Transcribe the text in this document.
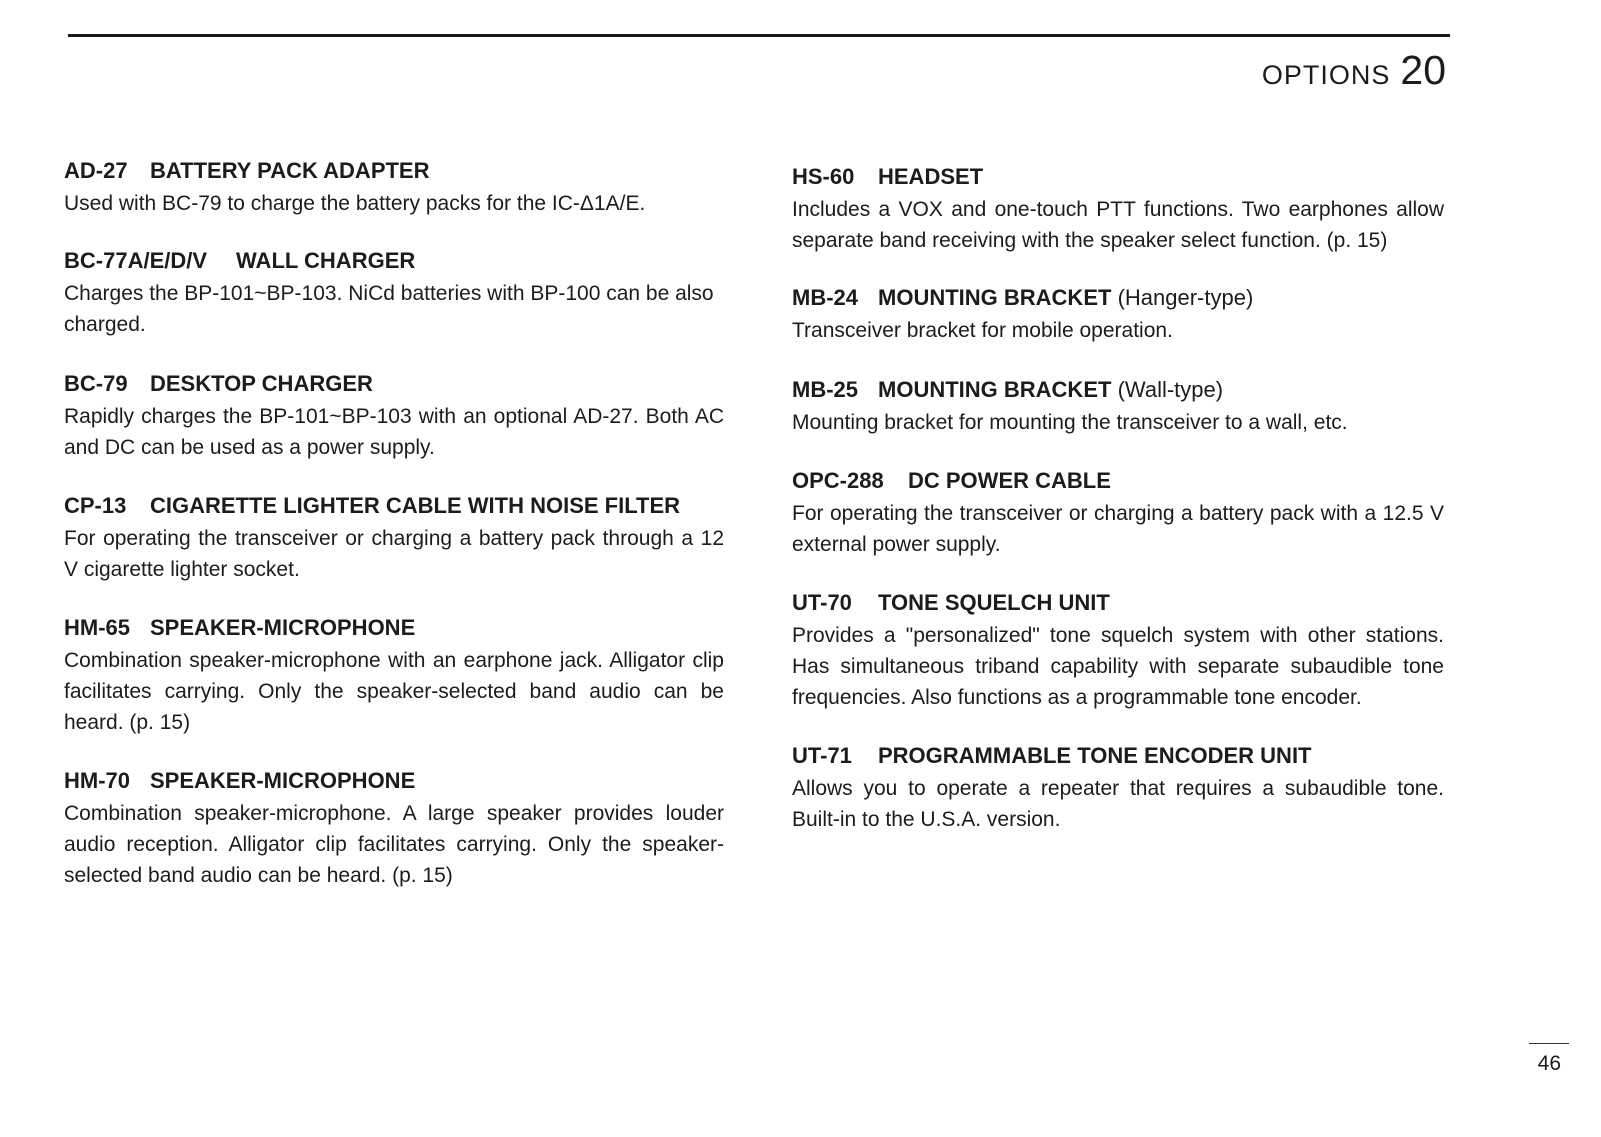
OPTIONS 20
AD-27 BATTERY PACK ADAPTER

Used with BC-79 to charge the battery packs for the IC-Δ1A/E.

BC-77A/E/D/V WALL CHARGER

Charges the BP-101~BP-103. NiCd batteries with BP-100 can be also charged.

BC-79 DESKTOP CHARGER

Rapidly charges the BP-101~BP-103 with an optional AD-27. Both AC and DC can be used as a power supply.

CP-13 CIGARETTE LIGHTER CABLE WITH NOISE FILTER

For operating the transceiver or charging a battery pack through a 12 V cigarette lighter socket.

HM-65 SPEAKER-MICROPHONE

Combination speaker-microphone with an earphone jack. Alligator clip facilitates carrying. Only the speaker-selected band audio can be heard. (p. 15)

HM-70 SPEAKER-MICROPHONE

Combination speaker-microphone. A large speaker provides louder audio reception. Alligator clip facilitates carrying. Only the speaker-selected band audio can be heard. (p. 15)

HS-60 HEADSET

Includes a VOX and one-touch PTT functions. Two earphones allow separate band receiving with the speaker select function. (p. 15)

MB-24 MOUNTING BRACKET (Hanger-type)

Transceiver bracket for mobile operation.

MB-25 MOUNTING BRACKET (Wall-type)

Mounting bracket for mounting the transceiver to a wall, etc.

OPC-288 DC POWER CABLE

For operating the transceiver or charging a battery pack with a 12.5 V external power supply.

UT-70 TONE SQUELCH UNIT

Provides a "personalized" tone squelch system with other stations. Has simultaneous triband capability with separate subaudible tone frequencies. Also functions as a programmable tone encoder.

UT-71 PROGRAMMABLE TONE ENCODER UNIT

Allows you to operate a repeater that requires a subaudible tone. Built-in to the U.S.A. version.

46
